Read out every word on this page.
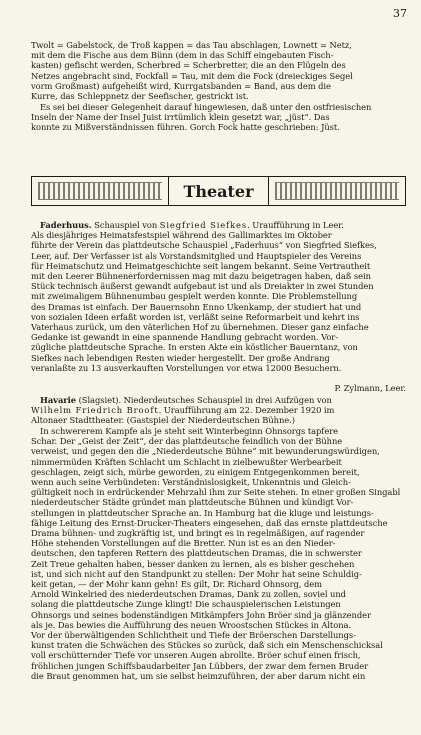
37

Twolt = Gabelstock, de Troß kappen = das Tau abschlagen, Lownett = Netz,
mit dem die Fische aus dem Bünn (dem in das Schiff eingebauten Fisch-
kasten) gefischt werden, Scherbred = Scherbretter, die an den Flügeln des
Netzes angebracht sind, Fockfall = Tau, mit dem die Fock (dreieckiges Segel
vorm Großmast) aufgeheißt wird, Kurrgatsbanden = Band, aus dem die
Kurre, das Schleppnetz der Seefischer, gestrickt ist.

Es sei bei dieser Gelegenheit darauf hingewiesen, daß unter den ostfriesischen
Inseln der Name der Insel Juist irrtümlich klein gesetzt war, „jüst“. Das
konnte zu Mißverständnissen führen. Gorch Fock hatte geschrieben: Jüst.

Theater

Faderhuus. Schauspiel von Siegfried Siefkes. Uraufführung in Leer.
Als diesjähriges Heimatsfestspiel während des Gallimarktes im Oktober
führte der Verein das plattdeutsche Schauspiel „Faderhuus“ von Siegfried Siefkes,
Leer, auf. Der Verfasser ist als Vorstandsmitglied und Hauptspieler des Vereins
für Heimatschutz und Heimatgeschichte seit langem bekannt. Seine Vertrautheit
mit den Leerer Bühnenerfordernissen mag mit dazu beigetragen haben, daß sein
Stück technisch äußerst gewandt aufgebaut ist und als Dreiakter in zwei Stunden
mit zweimaligem Bühnenumbau gespielt werden konnte. Die Problemstellung
des Dramas ist einfach. Der Bauernsohn Enno Ukenkamp, der studiert hat und
von sozialen Ideen erfaßt worden ist, verläßt seine Reformarbeit und kehrt ins
Vaterhaus zurück, um den väterlichen Hof zu übernehmen. Dieser ganz einfache
Gedanke ist gewandt in eine spannende Handlung gebracht worden. Vor-
zügliche plattdeutsche Sprache. In ersten Akte ein köstlicher Bauerntanz, von
Siefkes nach lebendigen Resten wieder hergestellt. Der große Andrang
veranlaßte zu 13 ausverkauften Vorstellungen vor etwa 12000 Besuchern.

P. Zylmann, Leer.

Havarie (Slagsiet). Niederdeutsches Schauspiel in drei Aufzügen von
Wilhelm Friedrich Brooft. Uraufführung am 22. Dezember 1920 im
Altonaer Stadttheater. (Gastspiel der Niederdeutschen Bühne.)

In schwererem Kampfe als je steht seit Winterbeginn Ohnsorgs tapfere
Schar. Der „Geist der Zeit“, der das plattdeutsche feindlich von der Bühne
verweist, und gegen den die „Niederdeutsche Bühne“ mit bewunderungswürdigen,
nimmermüden Kräften Schlacht um Schlacht in zielbewußter Werbearbeit
geschlagen, zeigt sich, mürbe geworden, zu einigem Entgegenkommen bereit,
wenn auch seine Verbündeten: Verständnislosigkeit, Unkenntnis und Gleich-
gültigkeit noch in erdrückender Mehrzahl ihm zur Seite stehen. In einer großen Singabl
niederdeutscher Städte gründet man plattdeutsche Bühnen und kündigt Vor-
stellungen in plattdeutscher Sprache an. In Hamburg hat die kluge und leistungs-
fähige Leitung des Ernst-Drucker-Theaters eingesehen, daß das ernste plattdeutsche
Drama bühnen- und zugkräftig ist, und bringt es in regelmäßigen, auf ragender
Höhe stehenden Vorstellungen auf die Bretter. Nun ist es an den Nieder-
deutschen, den tapferen Rettern des plattdeutschen Dramas, die in schwerster
Zeit Treue gehalten haben, besser danken zu lernen, als es bisher geschehen
ist, und sich nicht auf den Standpunkt zu stellen: Der Mohr hat seine Schuldig-
keit getan, — der Mohr kann gehn! Es gilt, Dr. Richard Ohnsorg, dem
Arnold Winkelried des niederdeutschen Dramas, Dank zu zollen, soviel und
solang die plattdeutsche Zunge klingt! Die schauspielerischen Leistungen
Ohnsorgs und seines bodenständigen Mitkämpfers John Bröer sind ja glänzender
als je. Das bewies die Aufführung des neuen Wroostschen Stückes in Altona.
Vor der überwältigenden Schlichtheit und Tiefe der Bröerschen Darstellungs-
kunst traten die Schwächen des Stückes so zurück, daß sich ein Menschenschicksal
voll erschütternder Tiefe vor unseren Augen abrollte. Bröer schuf einen frisch,
fröhlichen jungen Schiffsbaudarbeiter Jan Lübbers, der zwar dem fernen Bruder
die Braut genommen hat, um sie selbst heimzuführen, der aber darum nicht ein
